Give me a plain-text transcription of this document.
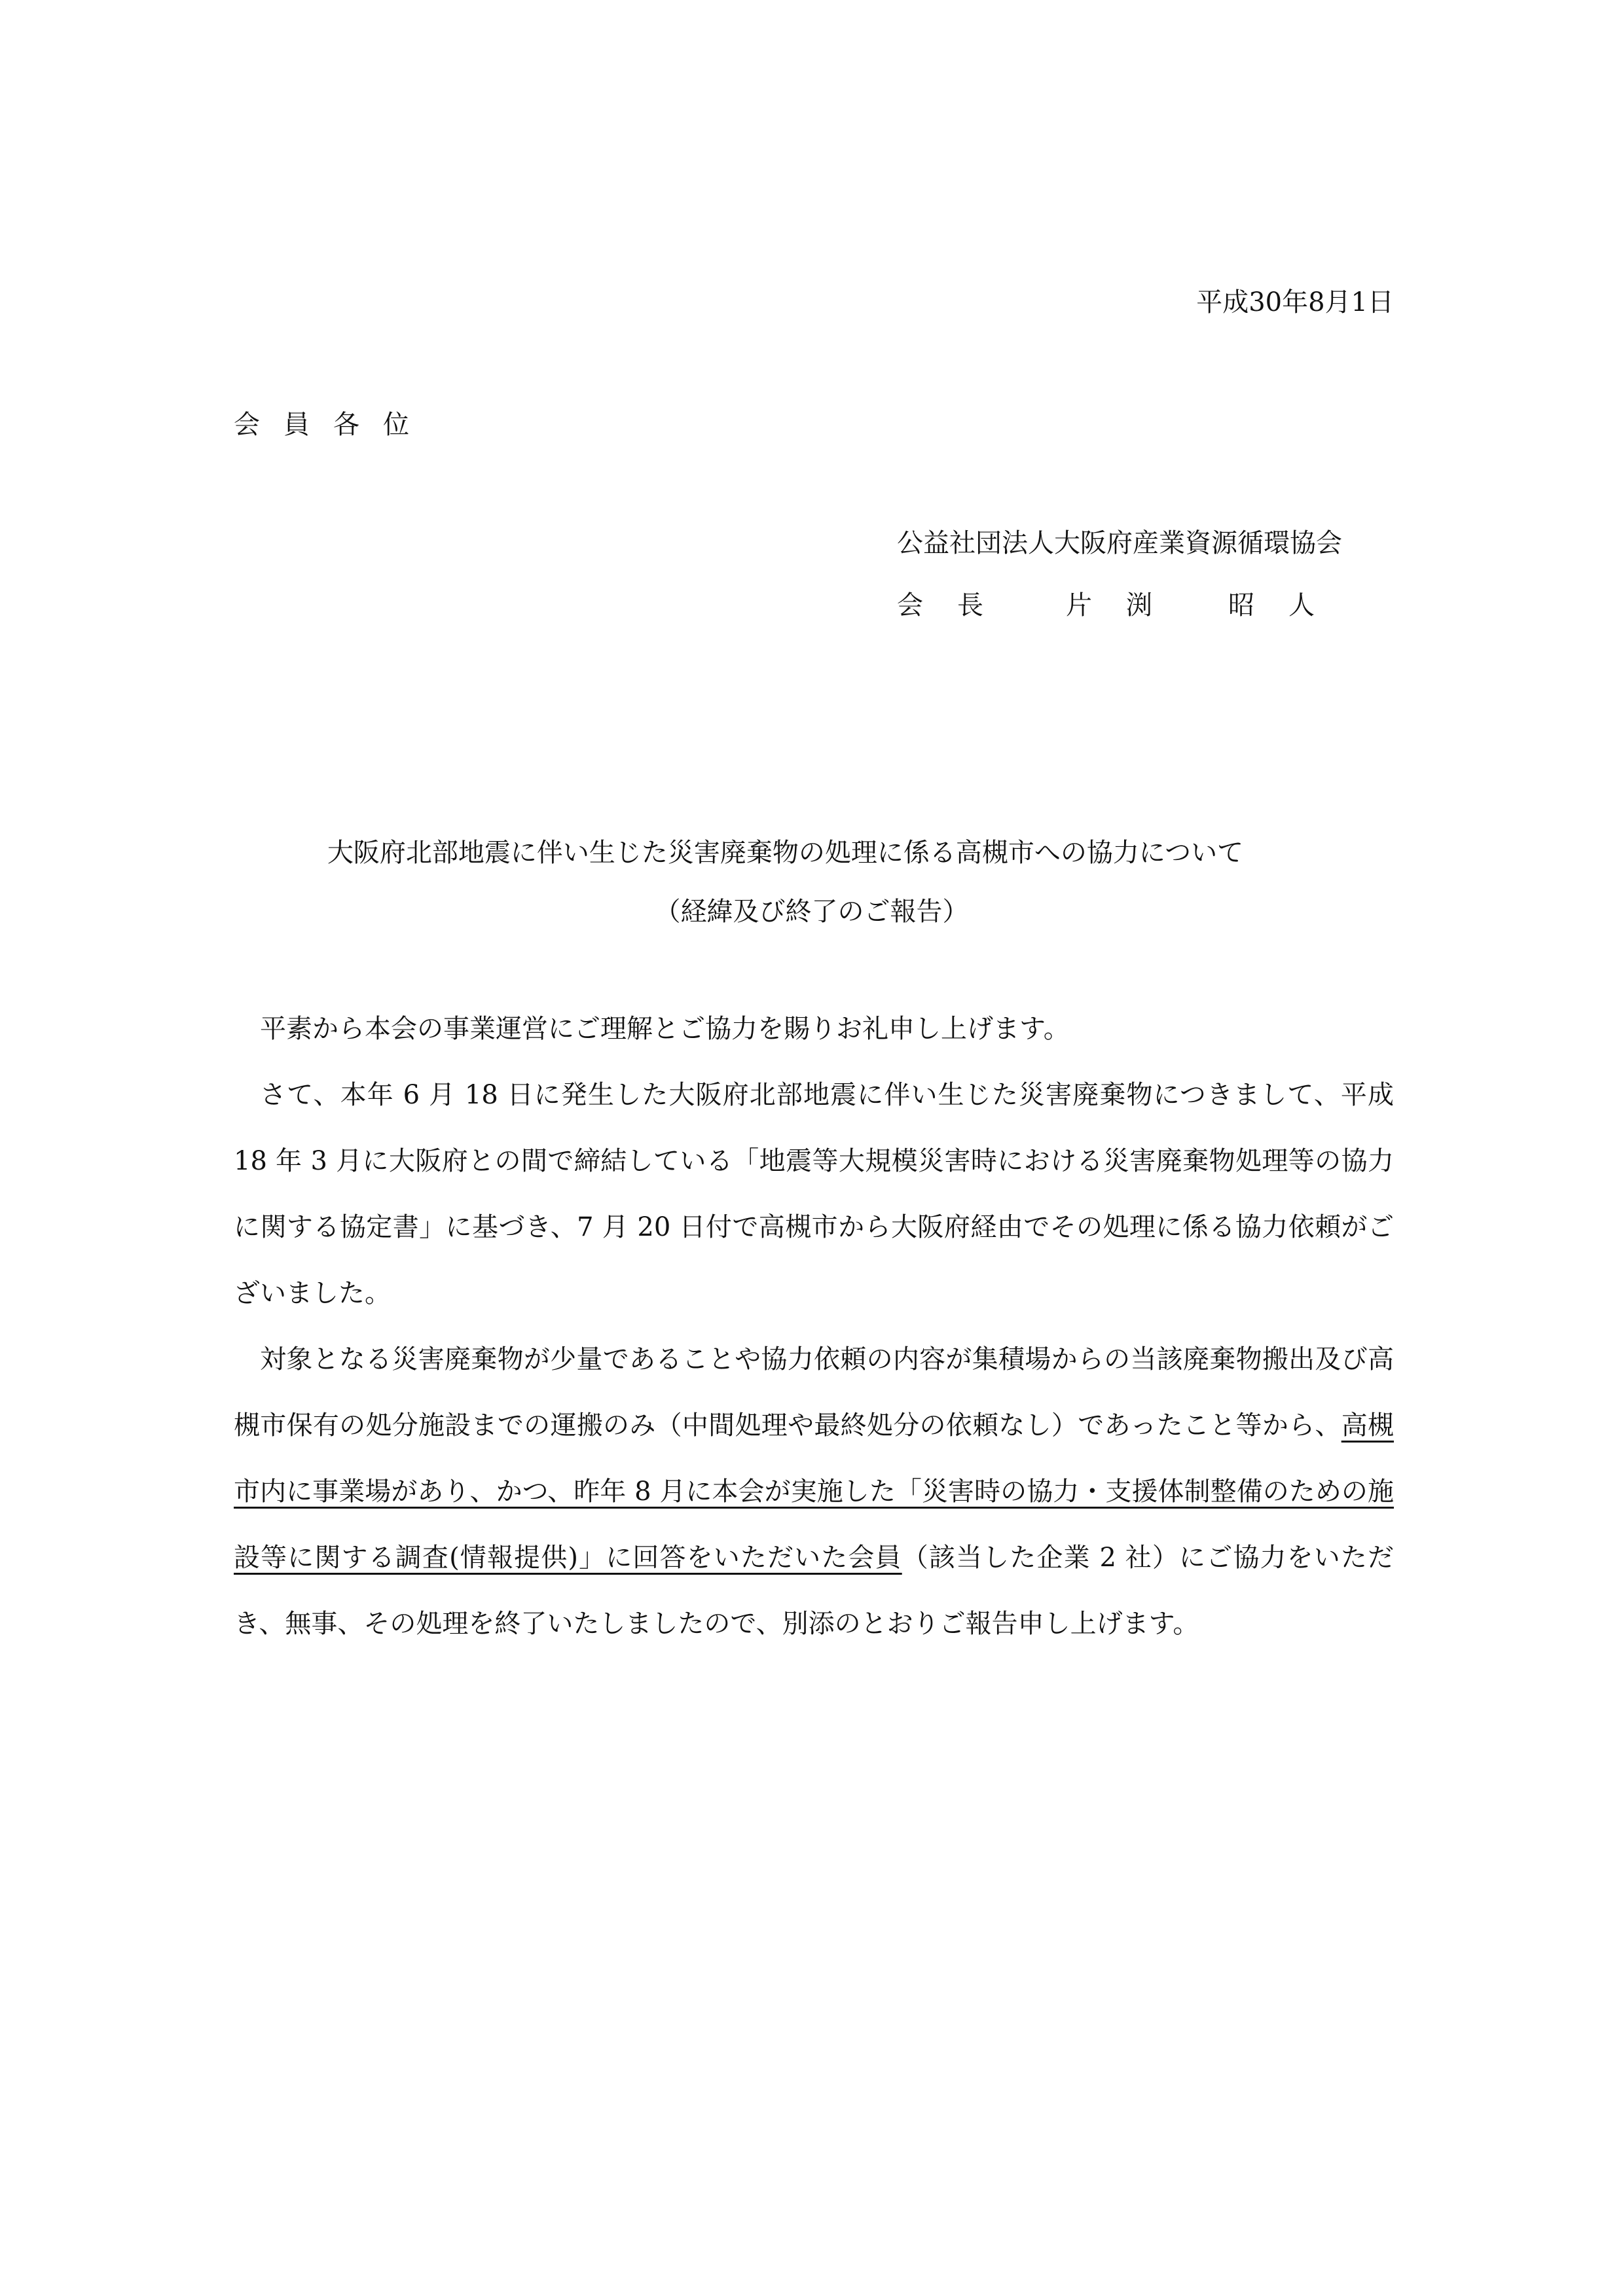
平成30年8月1日
会員各位
公益社団法人大阪府産業資源循環協会
会　長	片　渕	昭　人
大阪府北部地震に伴い生じた災害廃棄物の処理に係る高槻市への協力について
（経緯及び終了のご報告）

平素から本会の事業運営にご理解とご協力を賜りお礼申し上げます。

さて、本年 6 月 18 日に発生した大阪府北部地震に伴い生じた災害廃棄物につきまして、平成 18 年 3 月に大阪府との間で締結している「地震等大規模災害時における災害廃棄物処理等の協力に関する協定書」に基づき、7 月 20 日付で高槻市から大阪府経由でその処理に係る協力依頼がございました。

対象となる災害廃棄物が少量であることや協力依頼の内容が集積場からの当該廃棄物搬出及び高槻市保有の処分施設までの運搬のみ（中間処理や最終処分の依頼なし）であったこと等から、高槻市内に事業場があり、かつ、昨年 8 月に本会が実施した「災害時の協力・支援体制整備のための施設等に関する調査(情報提供)」に回答をいただいた会員（該当した企業 2 社）にご協力をいただき、無事、その処理を終了いたしましたので、別添のとおりご報告申し上げます。
